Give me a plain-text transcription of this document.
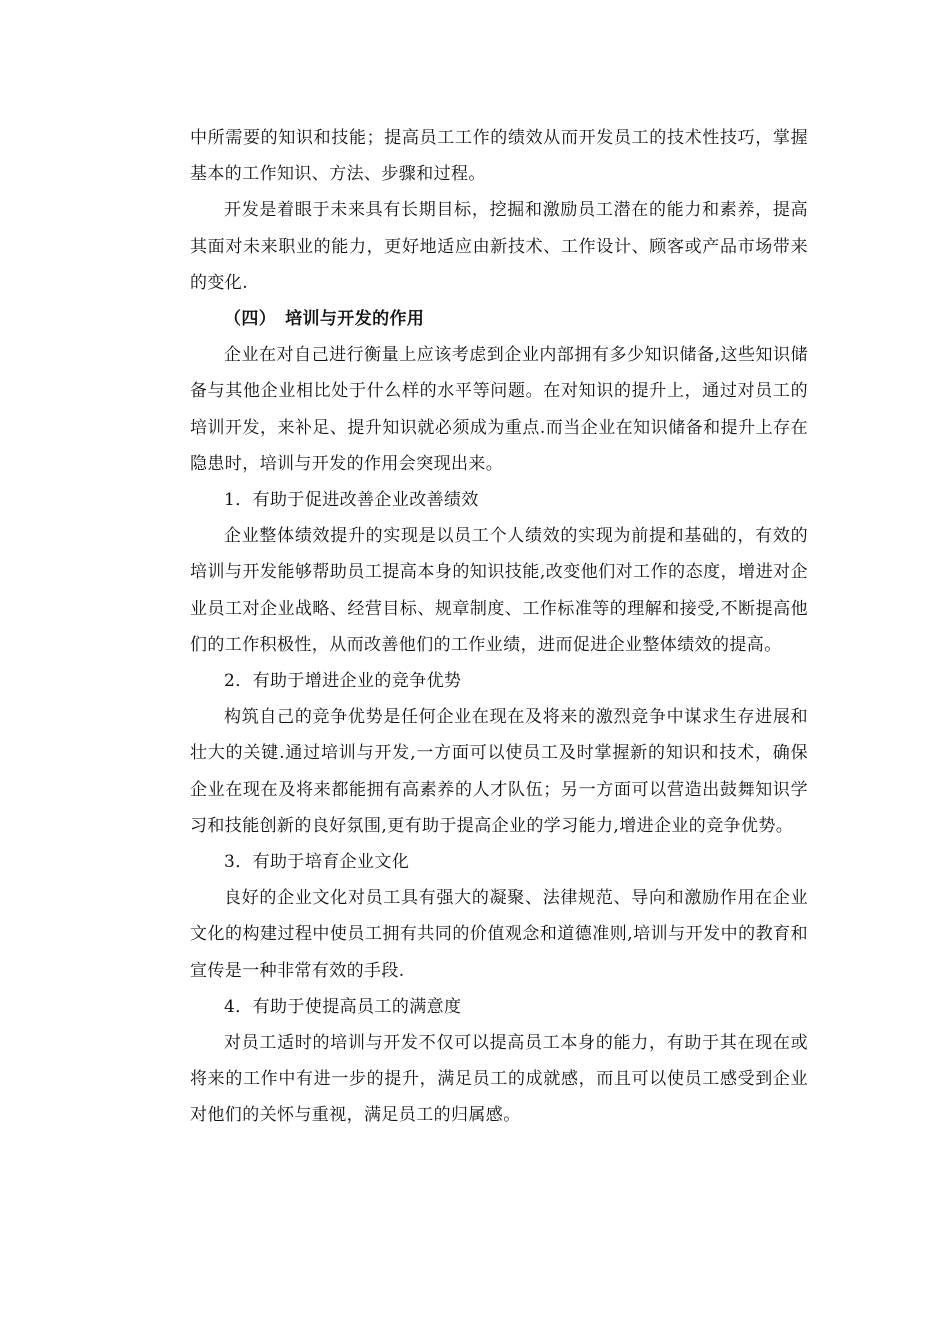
中所需要的知识和技能；提高员工工作的绩效从而开发员工的技术性技巧，掌握基本的工作知识、方法、步骤和过程。

开发是着眼于未来具有长期目标，挖掘和激励员工潜在的能力和素养，提高其面对未来职业的能力，更好地适应由新技术、工作设计、顾客或产品市场带来的变化.

（四）　培训与开发的作用

企业在对自己进行衡量上应该考虑到企业内部拥有多少知识储备,这些知识储备与其他企业相比处于什么样的水平等问题。在对知识的提升上，通过对员工的培训开发，来补足、提升知识就必须成为重点.而当企业在知识储备和提升上存在隐患时，培训与开发的作用会突现出来。

1．有助于促进改善企业改善绩效

企业整体绩效提升的实现是以员工个人绩效的实现为前提和基础的，有效的培训与开发能够帮助员工提高本身的知识技能,改变他们对工作的态度，增进对企业员工对企业战略、经营目标、规章制度、工作标准等的理解和接受,不断提高他们的工作积极性，从而改善他们的工作业绩，进而促进企业整体绩效的提高。

2．有助于增进企业的竞争优势

构筑自己的竞争优势是任何企业在现在及将来的激烈竞争中谋求生存进展和壮大的关键.通过培训与开发,一方面可以使员工及时掌握新的知识和技术，确保企业在现在及将来都能拥有高素养的人才队伍；另一方面可以营造出鼓舞知识学习和技能创新的良好氛围,更有助于提高企业的学习能力,增进企业的竞争优势。

3．有助于培育企业文化

良好的企业文化对员工具有强大的凝聚、法律规范、导向和激励作用在企业文化的构建过程中使员工拥有共同的价值观念和道德准则,培训与开发中的教育和宣传是一种非常有效的手段.

4．有助于使提高员工的满意度

对员工适时的培训与开发不仅可以提高员工本身的能力，有助于其在现在或将来的工作中有进一步的提升，满足员工的成就感，而且可以使员工感受到企业对他们的关怀与重视，满足员工的归属感。
